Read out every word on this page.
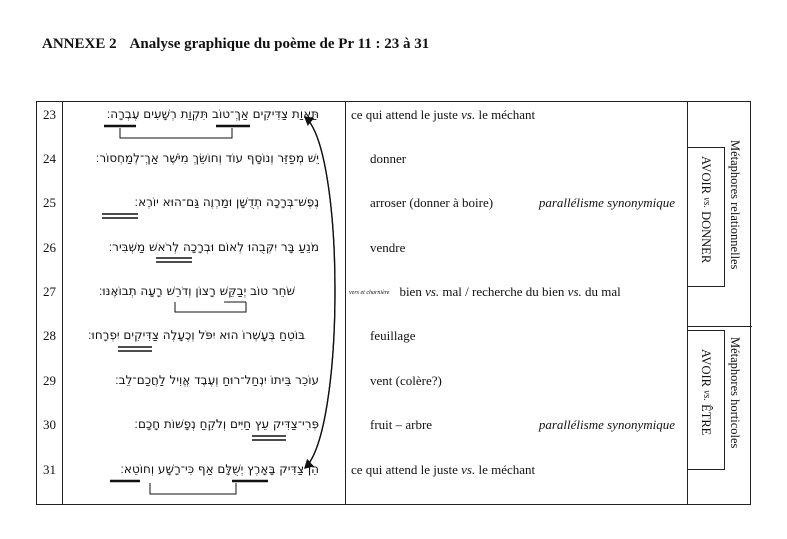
ANNEXE 2 Analyse graphique du poème de Pr 11 : 23 à 31
23	תַּאֲוַת צַדִּיקִים אַךְ־טוֹב תִּקְוַת רְשָׁעִים עֶבְרָה׃ ce qui attend le juste vs. le méchant
24	יֵשׁ מְפַזֵּר וְנוֹסָף עוֹד וְחוֹשֵׂךְ מִיֹּשֶׁר אַךְ־לְמַחְסוֹר׃	donner
25	נֶפֶשׁ־בְּרָכָה תְדֻשָּׁן וּמַרְוֶה גַּם־הוּא יוֹרֶא׃	arroser (donner à boire)	parallélisme synonymique
26	מֹנֵעַ בָּר יִקְּבֻהוּ לְאוֹם וּבְרָכָה לְרֹאשׁ מַשְׁבִּיר׃	vendre
27	שֹׁחֵר טוֹב יְבַקֵּשׁ רָצוֹן וְדֹרֵשׁ רָעָה תְבוֹאֶנּוּ׃	vers et charnière bien vs. mal / recherche du bien vs. du mal
28	בּוֹטֵחַ בְּעָשְׁרוֹ הוּא יִפֹּל וְכֶעָלֶה צַדִּיקִים יִפְרָחוּ׃	feuillage
29	עוֹכֵר בֵּיתוֹ יִנְחַל־רוּחַ וְעֶבֶד אֱוִיל לַחֲכַם־לֵב׃	vent (colère?)
30	פְּרִי־צַדִּיק עֵץ חַיִּים וְלֹקֵחַ נְפָשׁוֹת חָכָם׃	fruit – arbre	parallélisme synonymique
31	הֵן צַדִּיק בָּאָרֶץ יְשֻׁלָּם אַף כִּי־רָשָׁע וְחוֹטֵא׃ ce qui attend le juste vs. le méchant
AVOIR vs. DONNER Métaphores relationnelles
AVOIR vs. ÊTRE Métaphores horticoles
